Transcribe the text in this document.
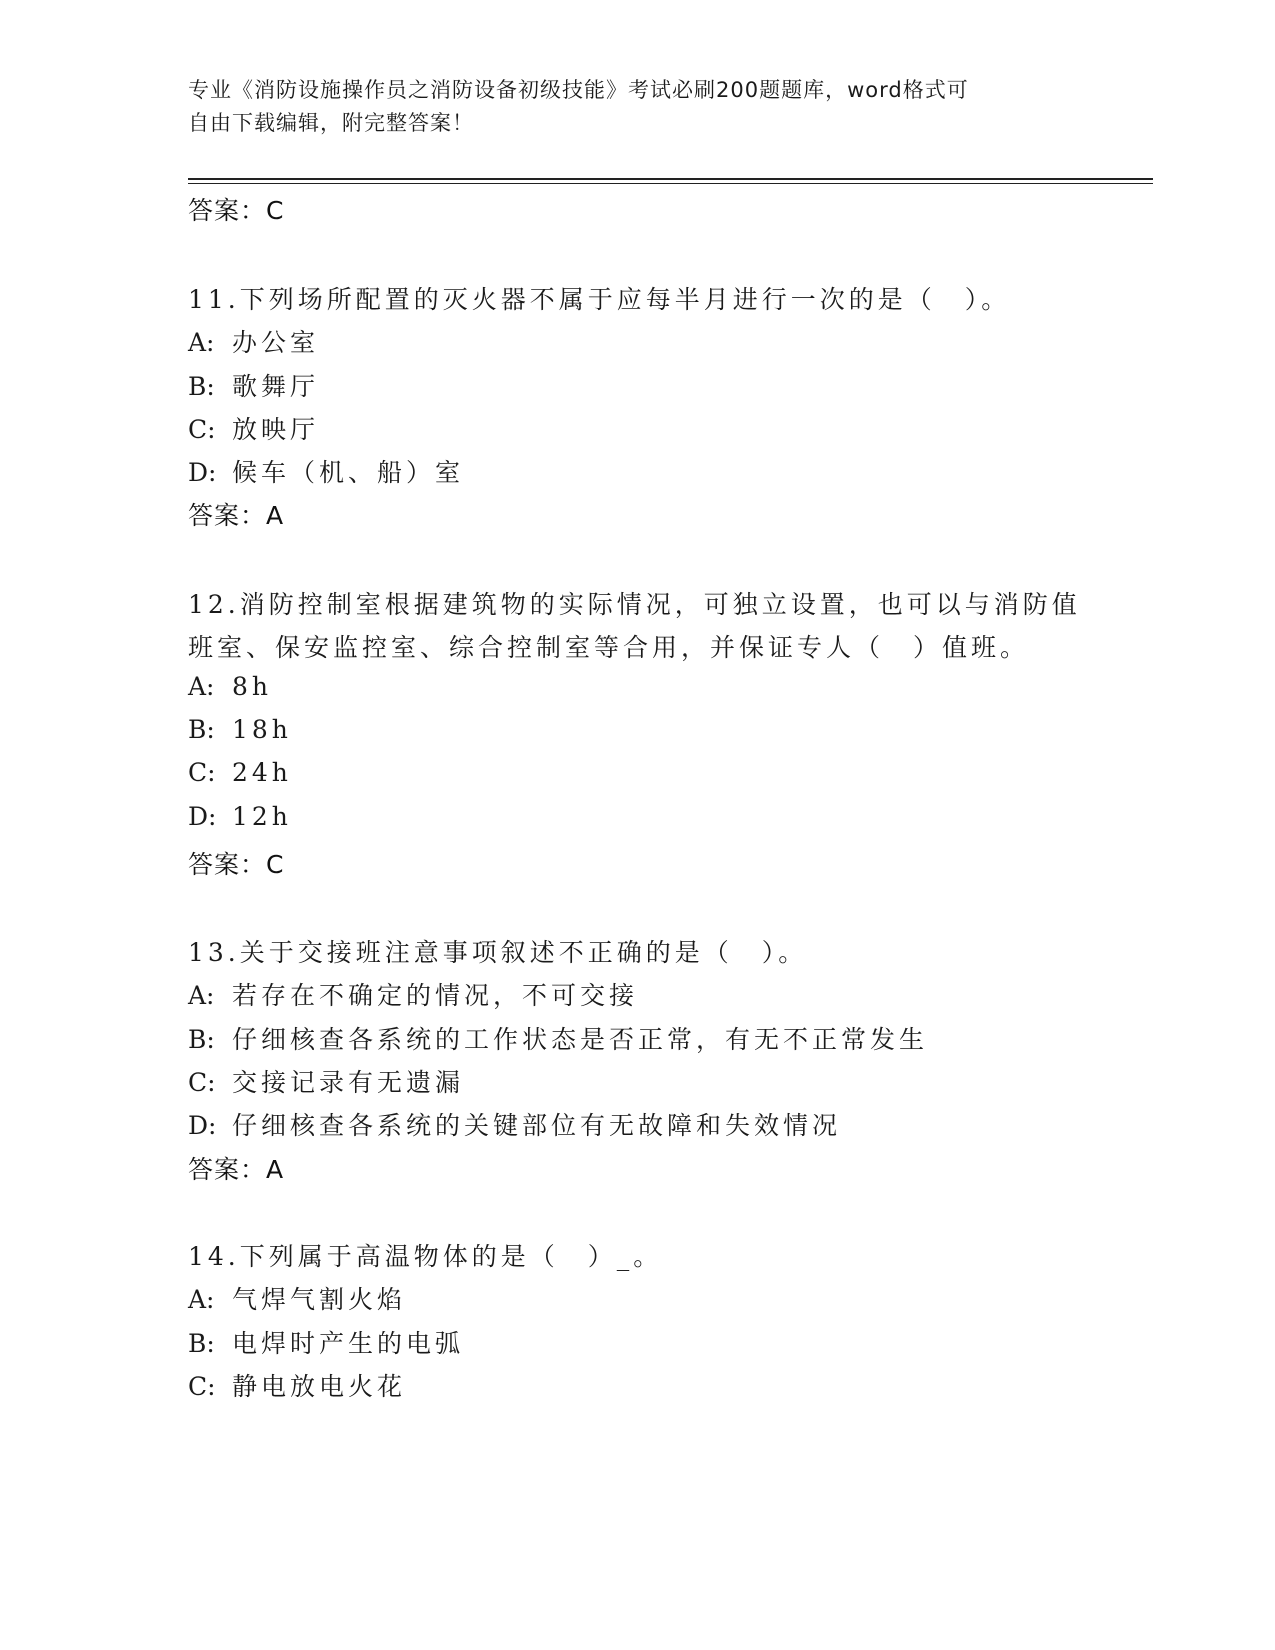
专业《消防设施操作员之消防设备初级技能》考试必刷200题题库，word格式可
自由下载编辑，附完整答案！
答案：C
11.下列场所配置的灭火器不属于应每半月进行一次的是（　）。
A: 办公室
B: 歌舞厅
C: 放映厅
D: 候车（机、船）室
答案：A
12.消防控制室根据建筑物的实际情况，可独立设置，也可以与消防值
班室、保安监控室、综合控制室等合用，并保证专人（　）值班。
A: 8h
B: 18h
C: 24h
D: 12h
答案：C
13.关于交接班注意事项叙述不正确的是（　）。
A: 若存在不确定的情况，不可交接
B: 仔细核查各系统的工作状态是否正常，有无不正常发生
C: 交接记录有无遗漏
D: 仔细核查各系统的关键部位有无故障和失效情况
答案：A
14.下列属于高温物体的是（　）_。
A: 气焊气割火焰
B: 电焊时产生的电弧
C: 静电放电火花
